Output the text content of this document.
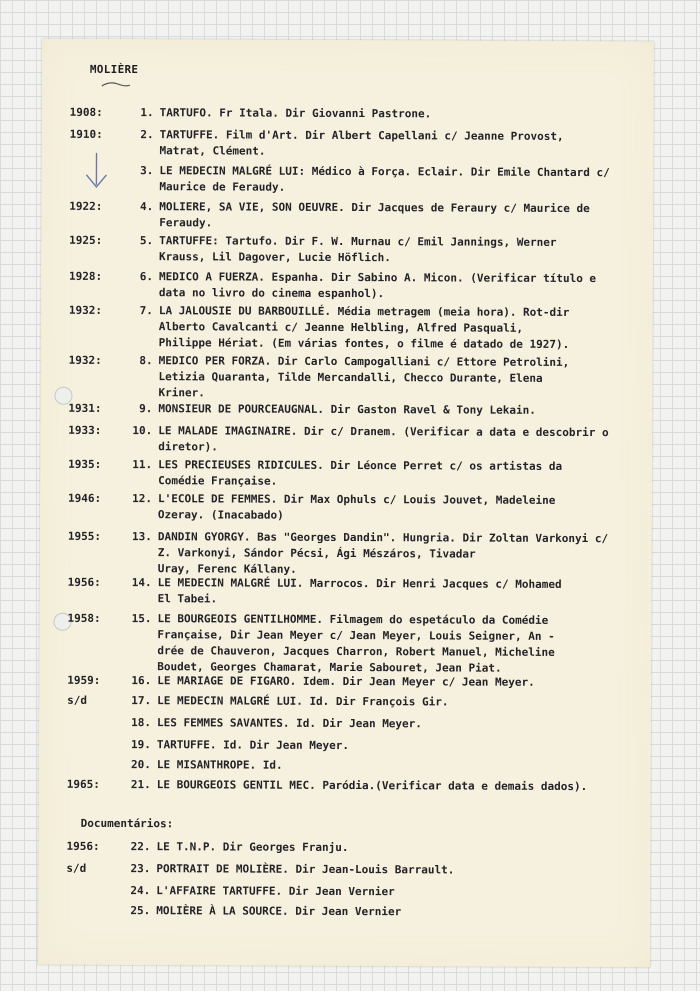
MOLIÈRE
1908:	1. TARTUFO. Fr Itala. Dir Giovanni Pastrone.
1910:	2. TARTUFFE. Film d'Art. Dir Albert Capellani c/ Jeanne Provost,
Matrat, Clément.
3. LE MEDECIN MALGRÉ LUI: Médico à Força. Eclair. Dir Emile Chantard c/ Maurice de Feraudy.
1922:	4. MOLIERE, SA VIE, SON OEUVRE. Dir Jacques de Feraury c/ Maurice de Feraudy.
1925:	5. TARTUFFE: Tartufo. Dir F. W. Murnau c/ Emil Jannings, Werner
Krauss, Lil Dagover, Lucie Höflich.
1928:	6. MEDICO A FUERZA. Espanha. Dir Sabino A. Micon. (Verificar título e data no livro do cinema espanhol).
1932:	7. LA JALOUSIE DU BARBOUILLÉ. Média metragem (meia hora). Rot-dir Alberto Cavalcanti c/ Jeanne Helbling, Alfred Pasquali,
Philippe Hériat. (Em várias fontes, o filme é datado de 1927).
1932:	8. MEDICO PER FORZA. Dir Carlo Campogalliani c/ Ettore Petrolini,
Letizia Quaranta, Tilde Mercandalli, Checco Durante, Elena
Kriner.
1931:	9. MONSIEUR DE POURCEAUGNAL. Dir Gaston Ravel & Tony Lekain.
1933:	10. LE MALADE IMAGINAIRE. Dir c/ Dranem. (Verificar a data e descobrir o diretor).
1935:	11. LES PRECIEUSES RIDICULES. Dir Léonce Perret c/ os artistas da
Comédie Française.
1946:	12. L'ECOLE DE FEMMES. Dir Max Ophuls c/ Louis Jouvet, Madeleine
Ozeray. (Inacabado)
1955:	13. DANDIN GYORGY. Bas "Georges Dandin". Hungria. Dir Zoltan Varkonyi c/ Z. Varkonyi, Sándor Pécsi, Ági Mészáros, Tivadar
Uray, Ferenc Kállany.
1956:	14. LE MEDECIN MALGRÉ LUI. Marrocos. Dir Henri Jacques c/ Mohamed
El Tabei.
1958:	15. LE BOURGEOIS GENTILHOMME. Filmagem do espetáculo da Comédie
Française, Dir Jean Meyer c/ Jean Meyer, Louis Seigner, An -
drée de Chauveron, Jacques Charron, Robert Manuel, Micheline
Boudet, Georges Chamarat, Marie Sabouret, Jean Piat.
1959:	16. LE MARIAGE DE FIGARO. Idem. Dir Jean Meyer c/ Jean Meyer.
s/d	17. LE MEDECIN MALGRÉ LUI. Id. Dir François Gir.
18. LES FEMMES SAVANTES. Id. Dir Jean Meyer.
19. TARTUFFE. Id. Dir Jean Meyer.
20. LE MISANTHROPE. Id.
1965:	21. LE BOURGEOIS GENTIL MEC. Paródia.(Verificar data e demais dados).
Documentários:
1956:	22. LE T.N.P. Dir Georges Franju.
s/d	23. PORTRAIT DE MOLIÈRE. Dir Jean-Louis Barrault.
24. L'AFFAIRE TARTUFFE. Dir Jean Vernier
25. MOLIÈRE À LA SOURCE. Dir Jean Vernier
